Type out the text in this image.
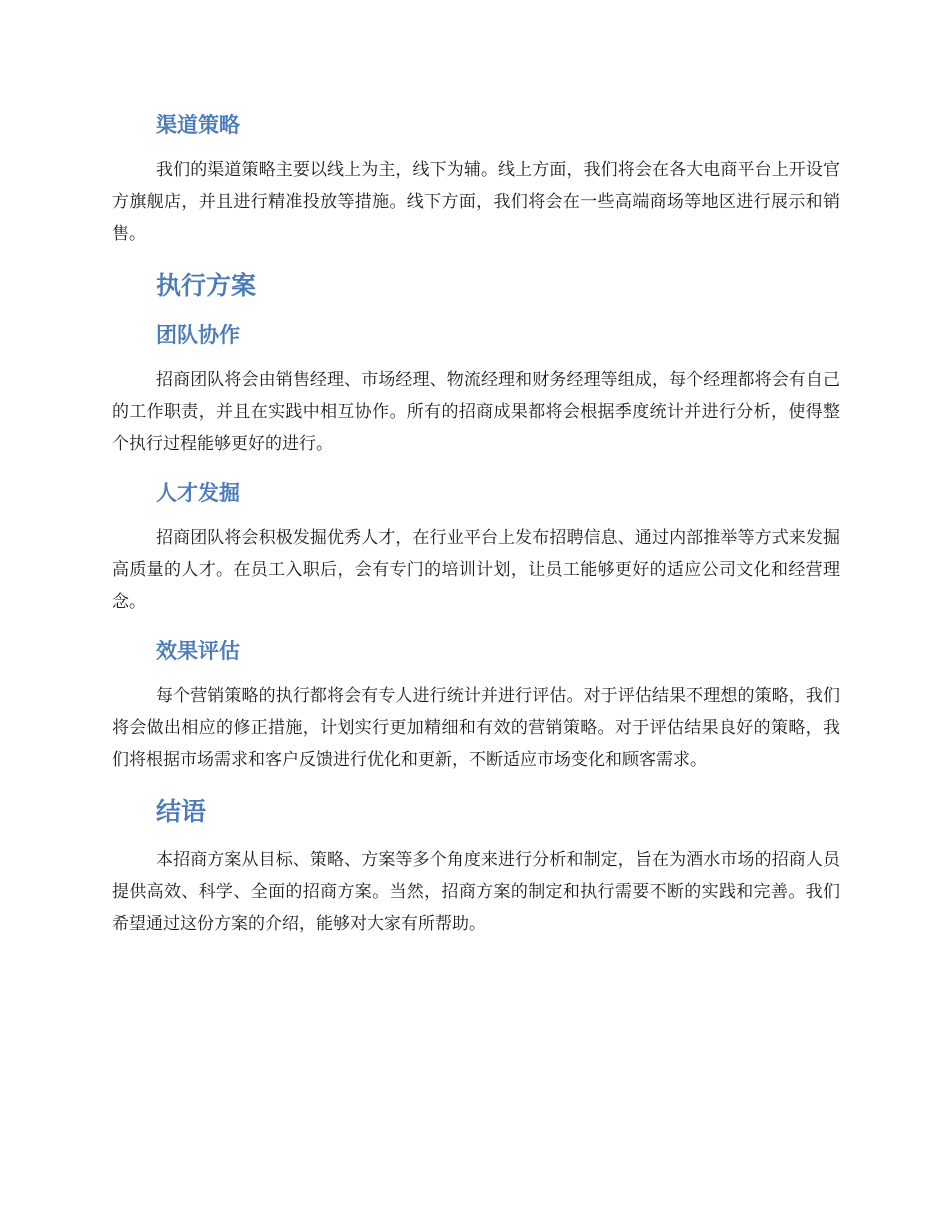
渠道策略

我们的渠道策略主要以线上为主，线下为辅。线上方面，我们将会在各大电商平台上开设官方旗舰店，并且进行精准投放等措施。线下方面，我们将会在一些高端商场等地区进行展示和销售。

执行方案
团队协作

招商团队将会由销售经理、市场经理、物流经理和财务经理等组成，每个经理都将会有自己的工作职责，并且在实践中相互协作。所有的招商成果都将会根据季度统计并进行分析，使得整个执行过程能够更好的进行。

人才发掘

招商团队将会积极发掘优秀人才，在行业平台上发布招聘信息、通过内部推举等方式来发掘高质量的人才。在员工入职后，会有专门的培训计划，让员工能够更好的适应公司文化和经营理念。

效果评估

每个营销策略的执行都将会有专人进行统计并进行评估。对于评估结果不理想的策略，我们将会做出相应的修正措施，计划实行更加精细和有效的营销策略。对于评估结果良好的策略，我们将根据市场需求和客户反馈进行优化和更新，不断适应市场变化和顾客需求。

结语

本招商方案从目标、策略、方案等多个角度来进行分析和制定，旨在为酒水市场的招商人员提供高效、科学、全面的招商方案。当然，招商方案的制定和执行需要不断的实践和完善。我们希望通过这份方案的介绍，能够对大家有所帮助。
